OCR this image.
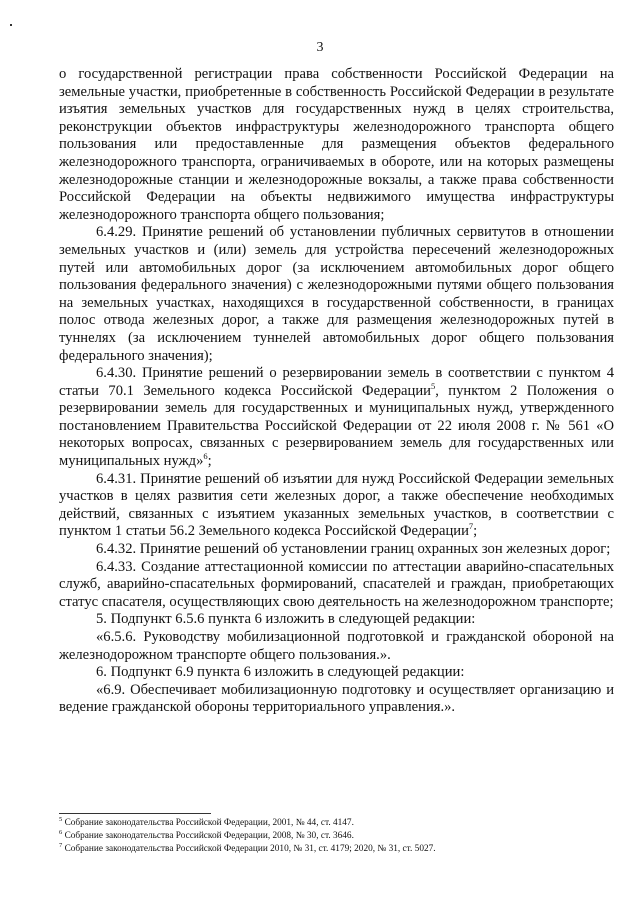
3

о государственной регистрации права собственности Российской Федерации на земельные участки, приобретенные в собственность Российской Федерации в результате изъятия земельных участков для государственных нужд в целях строительства, реконструкции объектов инфраструктуры железнодорожного транспорта общего пользования или предоставленные для размещения объектов федерального железнодорожного транспорта, ограничиваемых в обороте, или на которых размещены железнодорожные станции и железнодорожные вокзалы, а также права собственности Российской Федерации на объекты недвижимого имущества инфраструктуры железнодорожного транспорта общего пользования;

6.4.29. Принятие решений об установлении публичных сервитутов в отношении земельных участков и (или) земель для устройства пересечений железнодорожных путей или автомобильных дорог (за исключением автомобильных дорог общего пользования федерального значения) с железнодорожными путями общего пользования на земельных участках, находящихся в государственной собственности, в границах полос отвода железных дорог, а также для размещения железнодорожных путей в туннелях (за исключением туннелей автомобильных дорог общего пользования федерального значения);

6.4.30. Принятие решений о резервировании земель в соответствии с пунктом 4 статьи 70.1 Земельного кодекса Российской Федерации$^5$, пунктом 2 Положения о резервировании земель для государственных и муниципальных нужд, утвержденного постановлением Правительства Российской Федерации от 22 июля 2008 г. № 561 «О некоторых вопросах, связанных с резервированием земель для государственных или муниципальных нужд»$^6$;

6.4.31. Принятие решений об изъятии для нужд Российской Федерации земельных участков в целях развития сети железных дорог, а также обеспечение необходимых действий, связанных с изъятием указанных земельных участков, в соответствии с пунктом 1 статьи 56.2 Земельного кодекса Российской Федерации$^7$;

6.4.32. Принятие решений об установлении границ охранных зон железных дорог;

6.4.33. Создание аттестационной комиссии по аттестации аварийно-спасательных служб, аварийно-спасательных формирований, спасателей и граждан, приобретающих статус спасателя, осуществляющих свою деятельность на железнодорожном транспорте;

5. Подпункт 6.5.6 пункта 6 изложить в следующей редакции:

«6.5.6. Руководству мобилизационной подготовкой и гражданской обороной на железнодорожном транспорте общего пользования.».

6. Подпункт 6.9 пункта 6 изложить в следующей редакции:

«6.9. Обеспечивает мобилизационную подготовку и осуществляет организацию и ведение гражданской обороны территориального управления.».

$^5$ Собрание законодательства Российской Федерации, 2001, № 44, ст. 4147.
$^6$ Собрание законодательства Российской Федерации, 2008, № 30, ст. 3646.
$^7$ Собрание законодательства Российской Федерации 2010, № 31, ст. 4179; 2020, № 31, ст. 5027.
